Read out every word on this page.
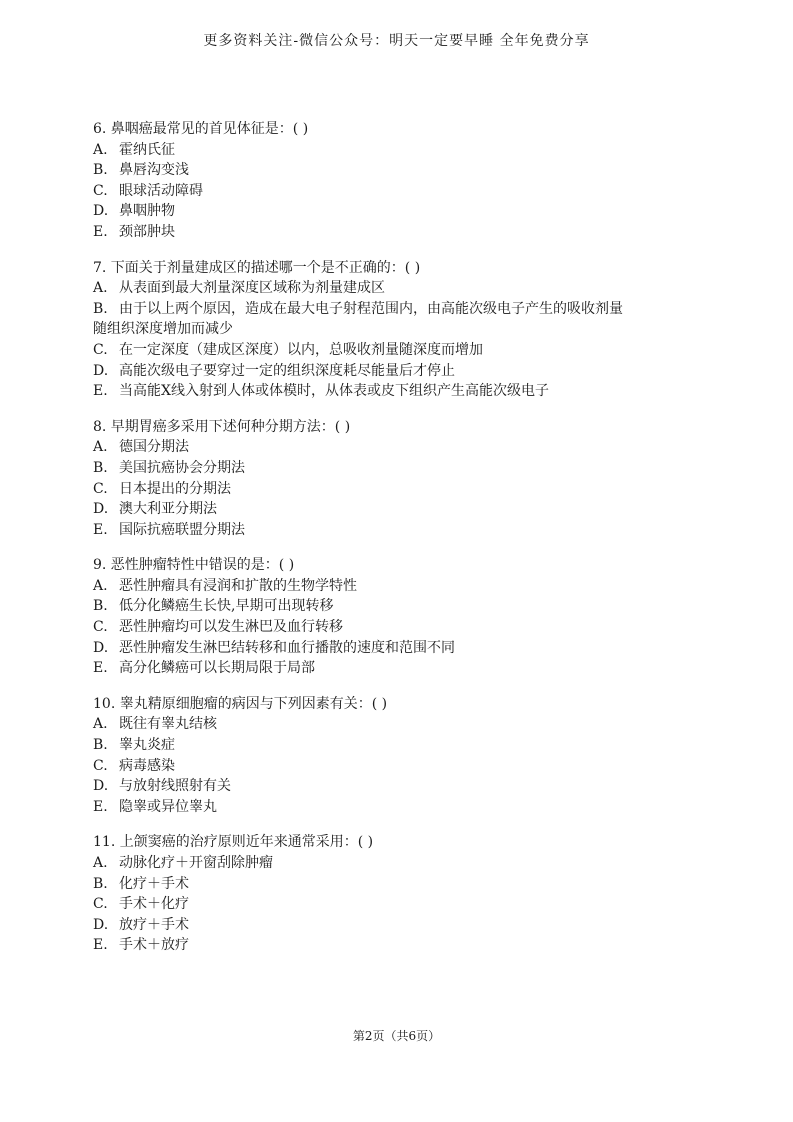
更多资料关注-微信公众号：明天一定要早睡 全年免费分享
6. 鼻咽癌最常见的首见体征是：( )
A. 霍纳氏征
B. 鼻唇沟变浅
C. 眼球活动障碍
D. 鼻咽肿物
E. 颈部肿块
7. 下面关于剂量建成区的描述哪一个是不正确的：( )
A. 从表面到最大剂量深度区域称为剂量建成区
B. 由于以上两个原因，造成在最大电子射程范围内，由高能次级电子产生的吸收剂量
随组织深度增加而减少
C. 在一定深度（建成区深度）以内，总吸收剂量随深度而增加
D. 高能次级电子要穿过一定的组织深度耗尽能量后才停止
E. 当高能X线入射到人体或体模时，从体表或皮下组织产生高能次级电子
8. 早期胃癌多采用下述何种分期方法：( )
A. 德国分期法
B. 美国抗癌协会分期法
C. 日本提出的分期法
D. 澳大利亚分期法
E. 国际抗癌联盟分期法
9. 恶性肿瘤特性中错误的是：( )
A. 恶性肿瘤具有浸润和扩散的生物学特性
B. 低分化鳞癌生长快,早期可出现转移
C. 恶性肿瘤均可以发生淋巴及血行转移
D. 恶性肿瘤发生淋巴结转移和血行播散的速度和范围不同
E. 高分化鳞癌可以长期局限于局部
10. 睾丸精原细胞瘤的病因与下列因素有关：( )
A. 既往有睾丸结核
B. 睾丸炎症
C. 病毒感染
D. 与放射线照射有关
E. 隐睾或异位睾丸
11. 上颌窦癌的治疗原则近年来通常采用：( )
A. 动脉化疗＋开窗刮除肿瘤
B. 化疗＋手术
C. 手术＋化疗
D. 放疗＋手术
E. 手术＋放疗
第2页（共6页）
